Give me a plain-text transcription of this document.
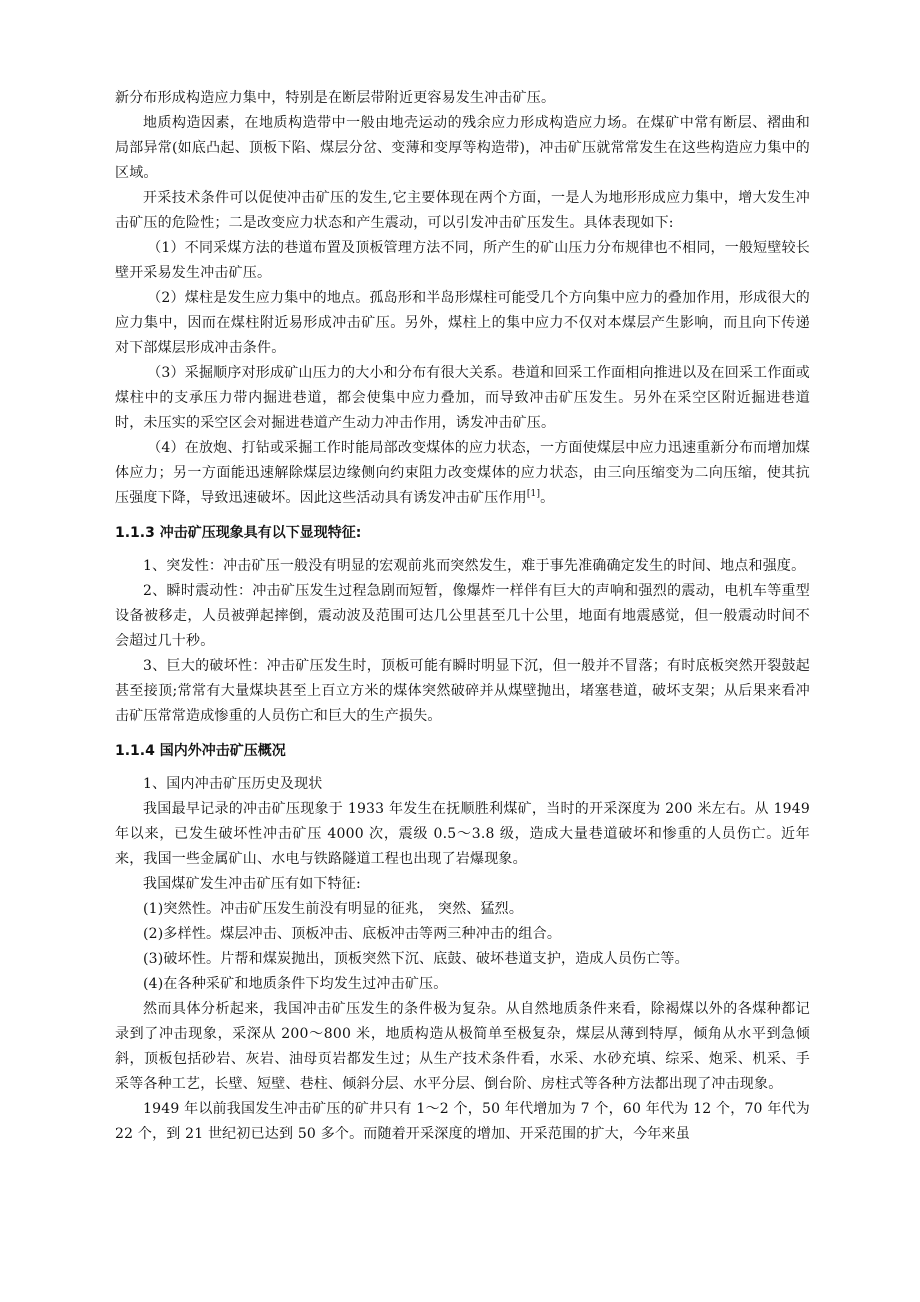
新分布形成构造应力集中，特别是在断层带附近更容易发生冲击矿压。

地质构造因素，在地质构造带中一般由地壳运动的残余应力形成构造应力场。在煤矿中常有断层、褶曲和局部异常(如底凸起、顶板下陷、煤层分岔、变薄和变厚等构造带)，冲击矿压就常常发生在这些构造应力集中的区域。

开采技术条件可以促使冲击矿压的发生,它主要体现在两个方面，一是人为地形形成应力集中，增大发生冲击矿压的危险性；二是改变应力状态和产生震动，可以引发冲击矿压发生。具体表现如下:

（1）不同采煤方法的巷道布置及顶板管理方法不同，所产生的矿山压力分布规律也不相同，一般短壁较长壁开采易发生冲击矿压。

（2）煤柱是发生应力集中的地点。孤岛形和半岛形煤柱可能受几个方向集中应力的叠加作用，形成很大的应力集中，因而在煤柱附近易形成冲击矿压。另外，煤柱上的集中应力不仅对本煤层产生影响，而且向下传递对下部煤层形成冲击条件。

（3）采掘顺序对形成矿山压力的大小和分布有很大关系。巷道和回采工作面相向推进以及在回采工作面或煤柱中的支承压力带内掘进巷道，都会使集中应力叠加，而导致冲击矿压发生。另外在采空区附近掘进巷道时，未压实的采空区会对掘进巷道产生动力冲击作用，诱发冲击矿压。

（4）在放炮、打钻或采掘工作时能局部改变煤体的应力状态，一方面使煤层中应力迅速重新分布而增加煤体应力；另一方面能迅速解除煤层边缘侧向约束阻力改变煤体的应力状态，由三向压缩变为二向压缩，使其抗压强度下降，导致迅速破坏。因此这些活动具有诱发冲击矿压作用[1]。

1.1.3 冲击矿压现象具有以下显现特征:

1、突发性：冲击矿压一般没有明显的宏观前兆而突然发生，难于事先准确确定发生的时间、地点和强度。

2、瞬时震动性：冲击矿压发生过程急剧而短暂，像爆炸一样伴有巨大的声响和强烈的震动，电机车等重型设备被移走，人员被弹起摔倒，震动波及范围可达几公里甚至几十公里，地面有地震感觉，但一般震动时间不会超过几十秒。

3、巨大的破坏性：冲击矿压发生时，顶板可能有瞬时明显下沉，但一般并不冒落；有时底板突然开裂鼓起甚至接顶;常常有大量煤块甚至上百立方米的煤体突然破碎并从煤壁抛出，堵塞巷道，破坏支架；从后果来看冲击矿压常常造成惨重的人员伤亡和巨大的生产损失。

1.1.4 国内外冲击矿压概况

1、国内冲击矿压历史及现状

我国最早记录的冲击矿压现象于 1933 年发生在抚顺胜利煤矿，当时的开采深度为 200 米左右。从 1949 年以来，已发生破坏性冲击矿压 4000 次，震级 0.5～3.8 级，造成大量巷道破坏和惨重的人员伤亡。近年来，我国一些金属矿山、水电与铁路隧道工程也出现了岩爆现象。

我国煤矿发生冲击矿压有如下特征:

(1)突然性。冲击矿压发生前没有明显的征兆， 突然、猛烈。

(2)多样性。煤层冲击、顶板冲击、底板冲击等两三种冲击的组合。

(3)破坏性。片帮和煤炭抛出，顶板突然下沉、底鼓、破坏巷道支护，造成人员伤亡等。

(4)在各种采矿和地质条件下均发生过冲击矿压。

然而具体分析起来，我国冲击矿压发生的条件极为复杂。从自然地质条件来看，除褐煤以外的各煤种都记录到了冲击现象，采深从 200～800 米，地质构造从极简单至极复杂，煤层从薄到特厚，倾角从水平到急倾斜，顶板包括砂岩、灰岩、油母页岩都发生过；从生产技术条件看，水采、水砂充填、综采、炮采、机采、手采等各种工艺，长壁、短壁、巷柱、倾斜分层、水平分层、倒台阶、房柱式等各种方法都出现了冲击现象。

1949 年以前我国发生冲击矿压的矿井只有 1～2 个，50 年代增加为 7 个，60 年代为 12 个，70 年代为 22 个，到 21 世纪初已达到 50 多个。而随着开采深度的增加、开采范围的扩大，今年来虽
